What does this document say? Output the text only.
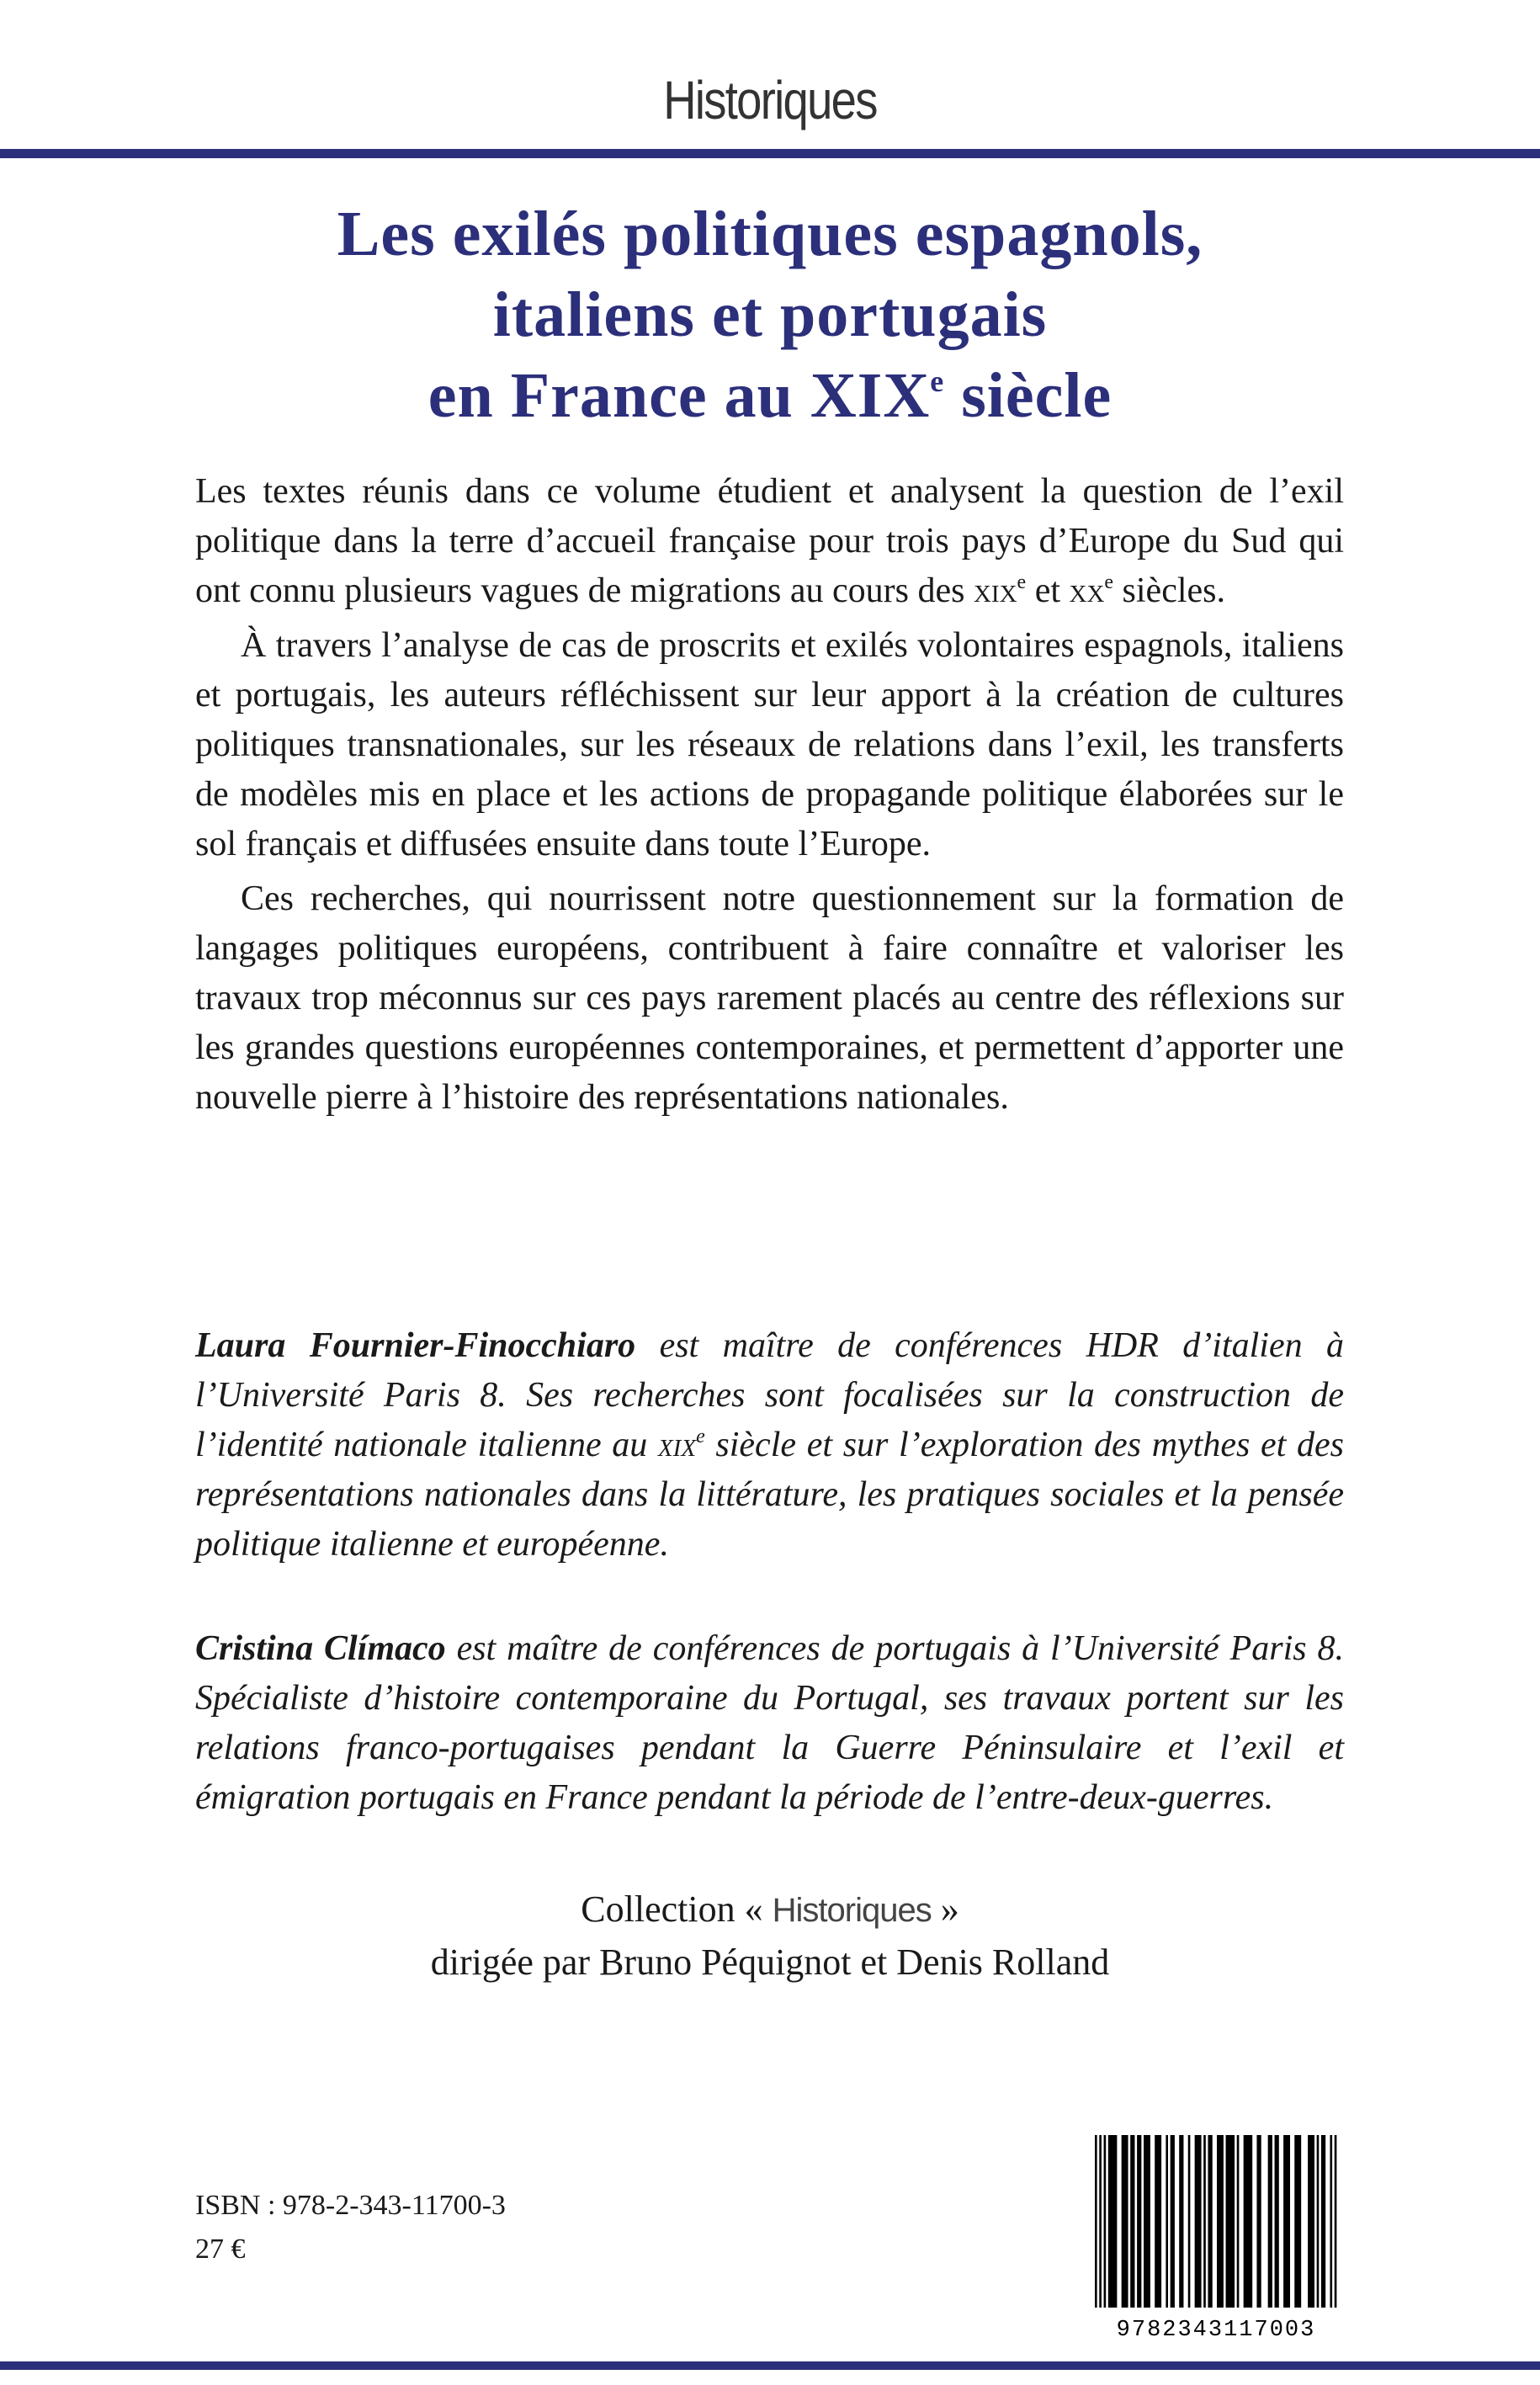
Historiques
Les exilés politiques espagnols,
italiens et portugais
en France au XIXe siècle

Les textes réunis dans ce volume étudient et analysent la question de l’exil politique dans la terre d’accueil française pour trois pays d’Europe du Sud qui ont connu plusieurs vagues de migrations au cours des xix$^e$ et $xx^e$ siècles.

À travers l’analyse de cas de proscrits et exilés volontaires espagnols, italiens et portugais, les auteurs réfléchissent sur leur apport à la création de cultures politiques transnationales, sur les réseaux de relations dans l’exil, les transferts de modèles mis en place et les actions de propagande politique élaborées sur le sol français et diffusées ensuite dans toute l’Europe.

Ces recherches, qui nourrissent notre questionnement sur la formation de langages politiques européens, contribuent à faire connaître et valoriser les travaux trop méconnus sur ces pays rarement placés au centre des réflexions sur les grandes questions européennes contemporaines, et permettent d’apporter une nouvelle pierre à l’histoire des représentations nationales.

Laura Fournier-Finocchiaro est maître de conférences HDR d’italien à l’Université Paris 8. Ses recherches sont focalisées sur la construction de l’identité nationale italienne au xix$^e$ siècle et sur l’exploration des mythes et des représentations nationales dans la littérature, les pratiques sociales et la pensée politique italienne et européenne.
Cristina Clímaco est maître de conférences de portugais à l’Université Paris 8. Spécialiste d’histoire contemporaine du Portugal, ses travaux portent sur les relations franco-portugaises pendant la Guerre Péninsulaire et l’exil et émigration portugais en France pendant la période de l’entre-deux-guerres.
Collection « Historiques »
dirigée par Bruno Péquignot et Denis Rolland
ISBN : 978-2-343-11700-3
27 €
9782343117003
